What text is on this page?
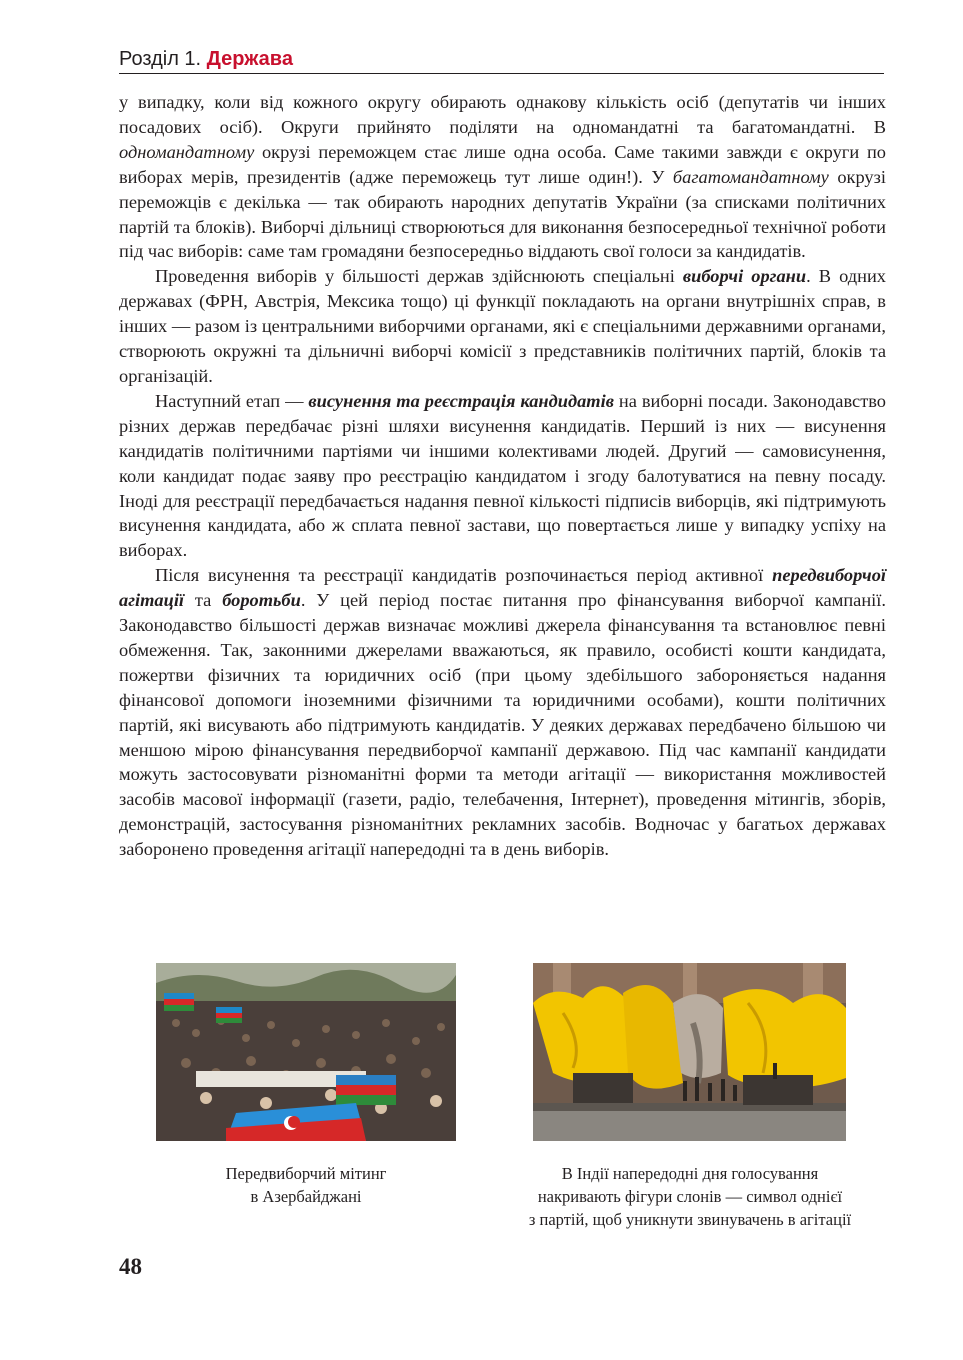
Розділ 1. Держава

у випадку, коли від кожного округу обирають однакову кількість осіб (депутатів чи інших посадових осіб). Округи прийнято поділяти на одномандатні та багатомандатні. В одномандатному окрузі переможцем стає лише одна особа. Саме такими завжди є округи по виборах мерів, президентів (адже переможець тут лише один!). У багатомандатному окрузі переможців є декілька — так обирають народних депутатів України (за списками політичних партій та блоків). Виборчі дільниці створюються для виконання безпосередньої технічної роботи під час виборів: саме там громадяни безпосередньо віддають свої голоси за кандидатів.

Проведення виборів у більшості держав здійснюють спеціальні виборчі органи. В одних державах (ФРН, Австрія, Мексика тощо) ці функції покладають на органи внутрішніх справ, в інших — разом із центральними виборчими органами, які є спеціальними державними органами, створюють окружні та дільничні виборчі комісії з представників політичних партій, блоків та організацій.

Наступний етап — висунення та реєстрація кандидатів на виборні посади. Законодавство різних держав передбачає різні шляхи висунення кандидатів. Перший із них — висунення кандидатів політичними партіями чи іншими колективами людей. Другий — самовисунення, коли кандидат подає заяву про реєстрацію кандидатом і згоду балотуватися на певну посаду. Іноді для реєстрації передбачається надання певної кількості підписів виборців, які підтримують висунення кандидата, або ж сплата певної застави, що повертається лише у випадку успіху на виборах.

Після висунення та реєстрації кандидатів розпочинається період активної передвиборчої агітації та боротьби. У цей період постає питання про фінансування виборчої кампанії. Законодавство більшості держав визначає можливі джерела фінансування та встановлює певні обмеження. Так, законними джерелами вважаються, як правило, особисті кошти кандидата, пожертви фізичних та юридичних осіб (при цьому здебільшого забороняється надання фінансової допомоги іноземними фізичними та юридичними особами), кошти політичних партій, які висувають або підтримують кандидатів. У деяких державах передбачено більшою чи меншою мірою фінансування передвиборчої кампанії державою. Під час кампанії кандидати можуть застосовувати різноманітні форми та методи агітації — використання можливостей засобів масової інформації (газети, радіо, телебачення, Інтернет), проведення мітингів, зборів, демонстрацій, застосування різноманітних рекламних засобів. Водночас у багатьох державах заборонено проведення агітації напередодні та в день виборів.

Передвиборчий мітинг
в Азербайджані
В Індії напередодні дня голосування
накривають фігури слонів — символ однієї
з партій, щоб уникнути звинувачень в агітації
48
